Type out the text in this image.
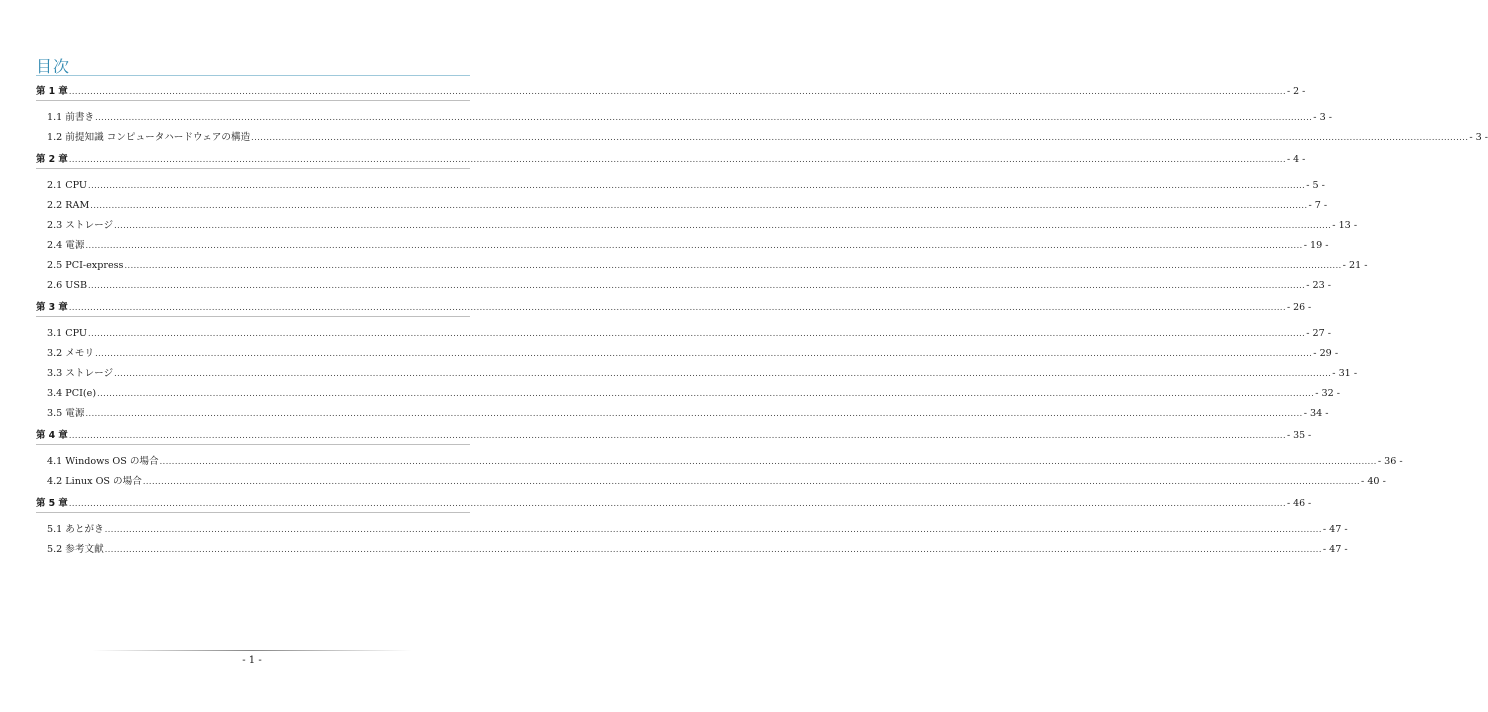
目次
第 1 章 ................................................................................................................................................................................................................................................................................................................................................................................................................ - 2 -
1.1 前書き ................................................................................................................................................................................................................................................................................................................................................................................................................ - 3 -
1.2 前提知識 コンピュータハードウェアの構造 ................................................................................................................................................................................................................................................................................................................................................................................................................ - 3 -
第 2 章 ................................................................................................................................................................................................................................................................................................................................................................................................................ - 4 -
2.1 CPU ................................................................................................................................................................................................................................................................................................................................................................................................................ - 5 -
2.2 RAM ................................................................................................................................................................................................................................................................................................................................................................................................................ - 7 -
2.3 ストレージ ................................................................................................................................................................................................................................................................................................................................................................................................................ - 13 -
2.4 電源 ................................................................................................................................................................................................................................................................................................................................................................................................................ - 19 -
2.5 PCI-express ................................................................................................................................................................................................................................................................................................................................................................................................................ - 21 -
2.6 USB ................................................................................................................................................................................................................................................................................................................................................................................................................ - 23 -
第 3 章 ................................................................................................................................................................................................................................................................................................................................................................................................................ - 26 -
3.1 CPU ................................................................................................................................................................................................................................................................................................................................................................................................................ - 27 -
3.2 メモリ ................................................................................................................................................................................................................................................................................................................................................................................................................ - 29 -
3.3 ストレージ ................................................................................................................................................................................................................................................................................................................................................................................................................ - 31 -
3.4 PCI(e) ................................................................................................................................................................................................................................................................................................................................................................................................................ - 32 -
3.5 電源 ................................................................................................................................................................................................................................................................................................................................................................................................................ - 34 -
第 4 章 ................................................................................................................................................................................................................................................................................................................................................................................................................ - 35 -
4.1 Windows OS の場合 ................................................................................................................................................................................................................................................................................................................................................................................................................ - 36 -
4.2 Linux OS の場合 ................................................................................................................................................................................................................................................................................................................................................................................................................ - 40 -
第 5 章 ................................................................................................................................................................................................................................................................................................................................................................................................................ - 46 -
5.1 あとがき ................................................................................................................................................................................................................................................................................................................................................................................................................ - 47 -
5.2 参考文献 ................................................................................................................................................................................................................................................................................................................................................................................................................ - 47 -
- 1 -
